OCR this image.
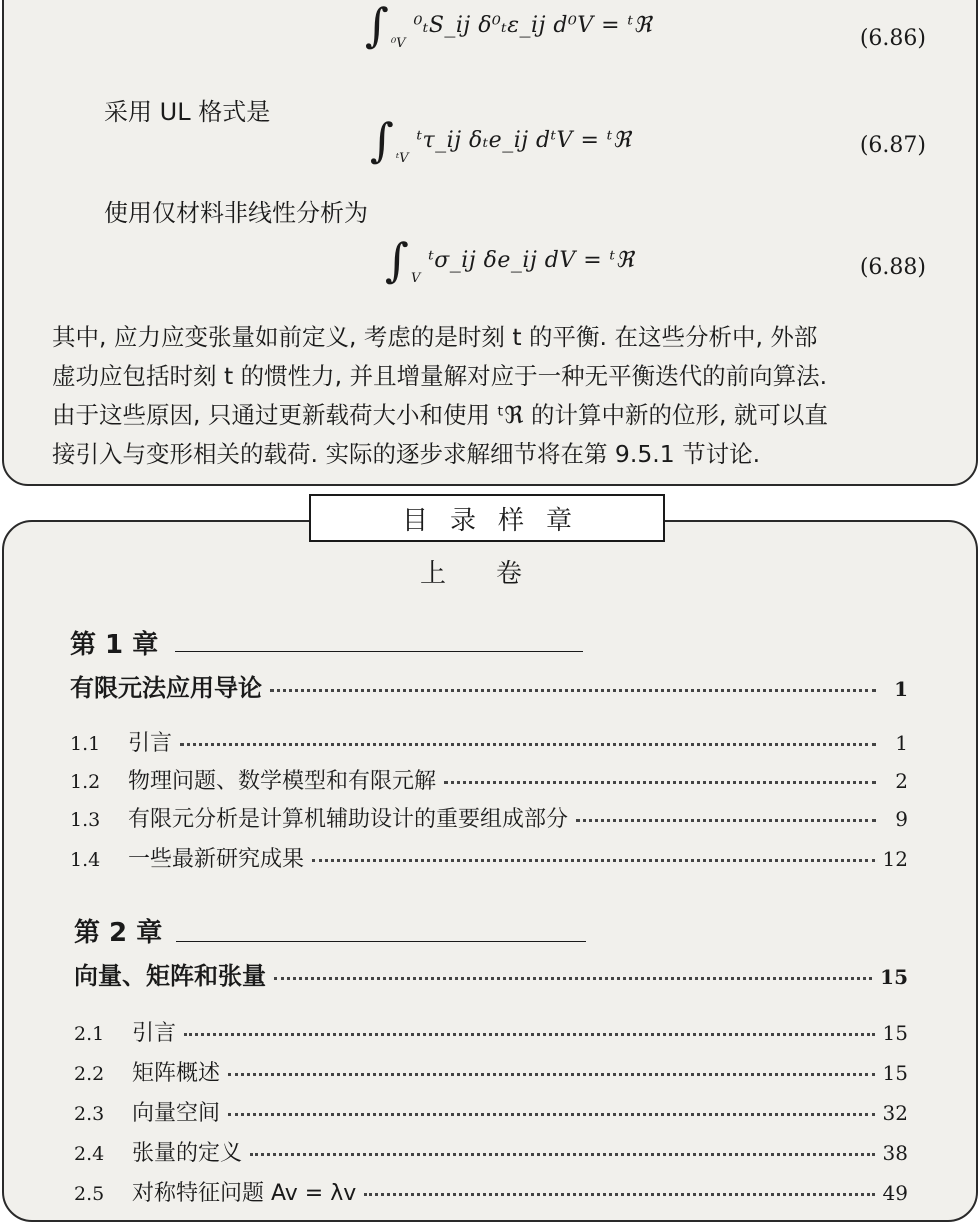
∫ ⁰V
⁰ₜS_ij δ⁰ₜε_ij d⁰V = ᵗℜ
(6.86)
采用 UL 格式是
∫ ᵗV
ᵗτ_ij δₜe_ij dᵗV = ᵗℜ	(6.87)
使用仅材料非线性分析为
∫ V
ᵗσ_ij δe_ij dV = ᵗℜ	(6.88)
其中, 应力应变张量如前定义, 考虑的是时刻 t 的平衡. 在这些分析中, 外部
虚功应包括时刻 t 的惯性力, 并且增量解对应于一种无平衡迭代的前向算法.
由于这些原因, 只通过更新载荷大小和使用 ᵗℜ 的计算中新的位形, 就可以直
接引入与变形相关的载荷. 实际的逐步求解细节将在第 9.5.1 节讨论.
目录样章
上卷
第 1 章
有限元法应用导论	1
1.1	引言	1
1.2	物理问题、数学模型和有限元解	2
1.3	有限元分析是计算机辅助设计的重要组成部分	9
1.4	一些最新研究成果	12
第 2 章
向量、矩阵和张量	15
2.1	引言	15
2.2	矩阵概述	15
2.3	向量空间	32
2.4	张量的定义	38
2.5	对称特征问题 Av = λv	49
